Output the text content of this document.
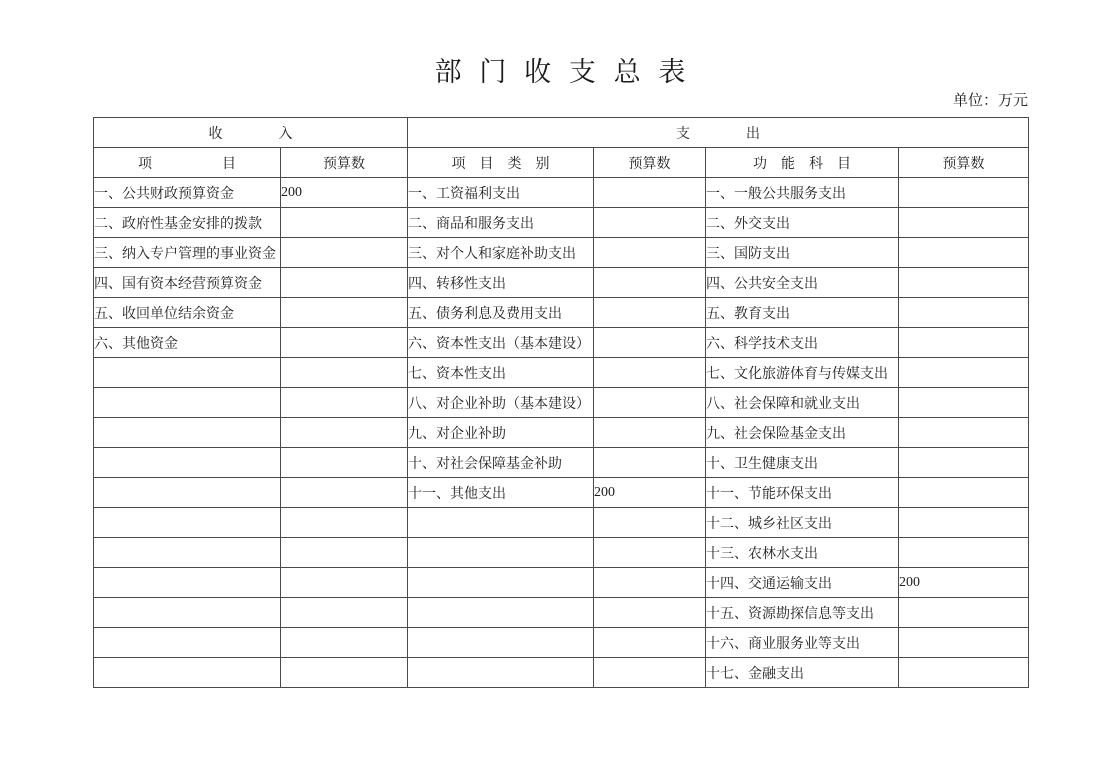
部 门 收 支 总 表
单位：万元
收　　　　入		支　　　　出			
项　　　　　目	预算数	项　目　类　别	预算数	功　能　科　目	预算数
一、公共财政预算资金	200	一、工资福利支出		一、一般公共服务支出	
二、政府性基金安排的拨款		二、商品和服务支出		二、外交支出	
三、纳入专户管理的事业资金		三、对个人和家庭补助支出		三、国防支出	
四、国有资本经营预算资金		四、转移性支出		四、公共安全支出	
五、收回单位结余资金		五、债务利息及费用支出		五、教育支出	
六、其他资金		六、资本性支出（基本建设）		六、科学技术支出	
		七、资本性支出		七、文化旅游体育与传媒支出	
		八、对企业补助（基本建设）		八、社会保障和就业支出	
		九、对企业补助		九、社会保险基金支出	
		十、对社会保障基金补助		十、卫生健康支出	
		十一、其他支出	200	十一、节能环保支出	
				十二、城乡社区支出	
				十三、农林水支出	
				十四、交通运输支出	200
				十五、资源勘探信息等支出	
				十六、商业服务业等支出	
				十七、金融支出	
